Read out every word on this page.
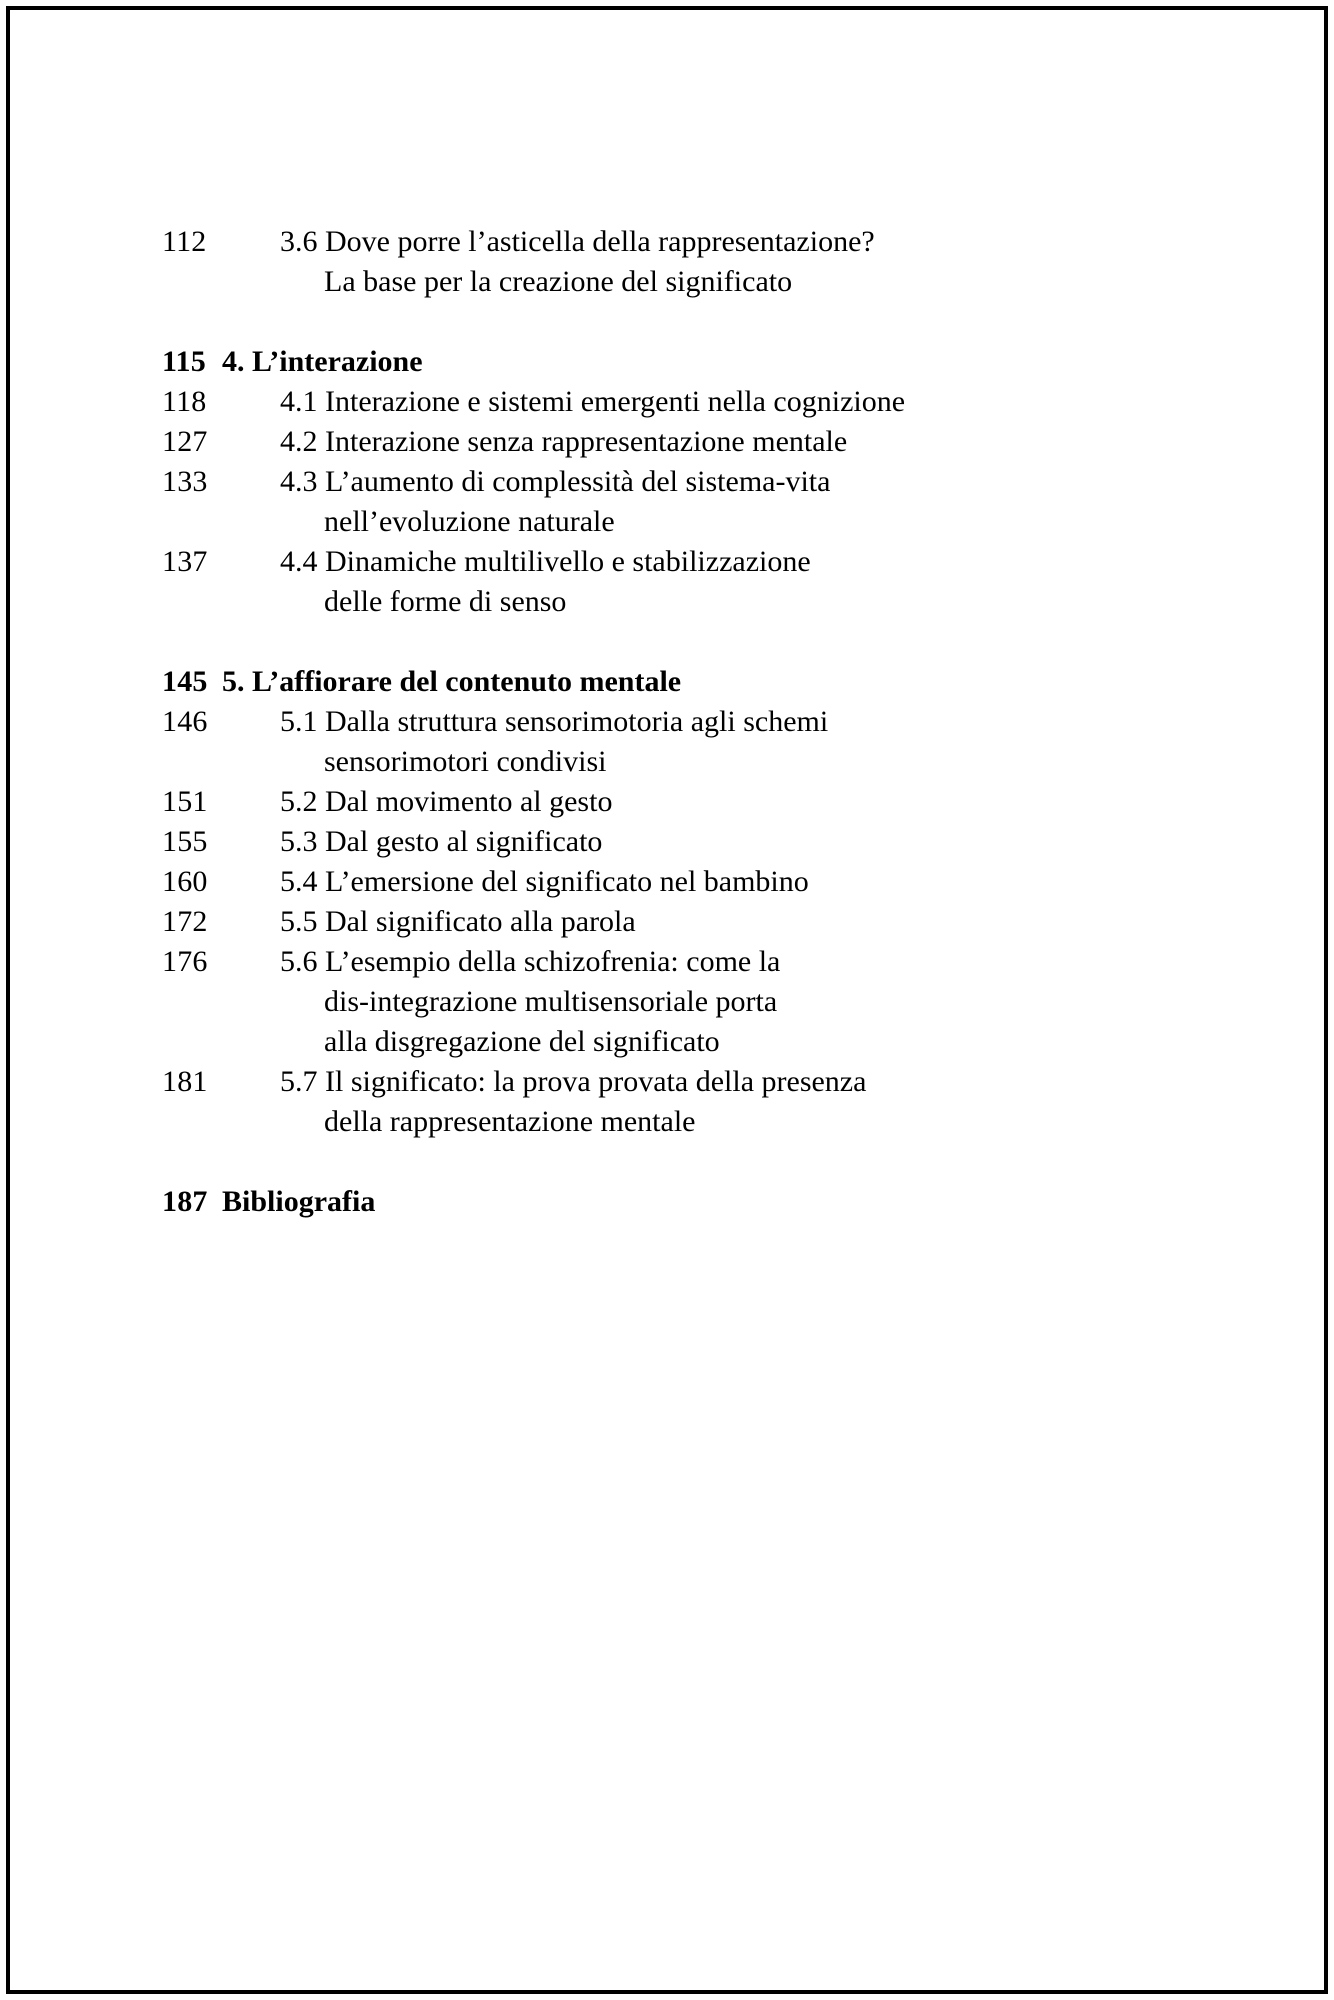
112	3.6 Dove porre l’asticella della rappresentazione?
La base per la creazione del significato
115 4. L’interazione
118	4.1 Interazione e sistemi emergenti nella cognizione
127	4.2 Interazione senza rappresentazione mentale
133	4.3 L’aumento di complessità del sistema-vita
nell’evoluzione naturale
137	4.4 Dinamiche multilivello e stabilizzazione
delle forme di senso
145 5. L’affiorare del contenuto mentale
146	5.1 Dalla struttura sensorimotoria agli schemi
sensorimotori condivisi
151	5.2 Dal movimento al gesto
155	5.3 Dal gesto al significato
160	5.4 L’emersione del significato nel bambino
172	5.5 Dal significato alla parola
176	5.6 L’esempio della schizofrenia: come la
dis-integrazione multisensoriale porta
alla disgregazione del significato
181	5.7 Il significato: la prova provata della presenza
della rappresentazione mentale
187 Bibliografia
